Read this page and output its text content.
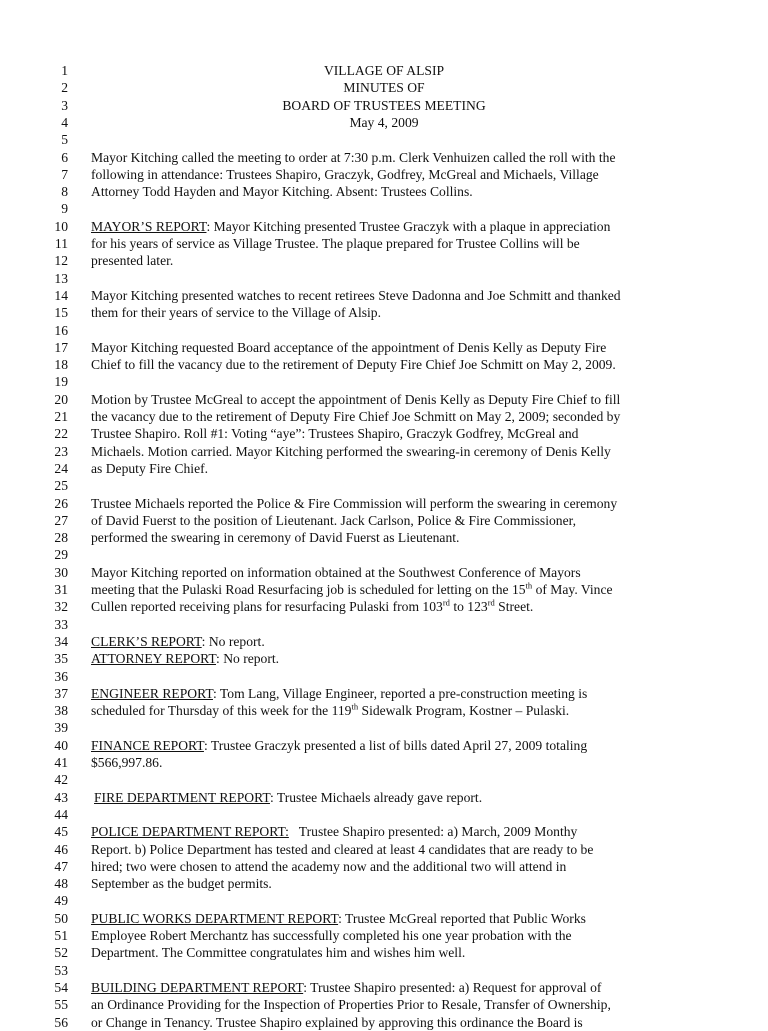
1
2
3
4
5
6
7
8
9
10
11
12
13
14
15
16
17
18
19
20
21
22
23
24
25
26
27
28
29
30
31
32
33
34
35
36
37
38
39
40
41
42
43
44
45
46
47
48
49
50
51
52
53
54
55
56
VILLAGE OF ALSIP
MINUTES OF
BOARD OF TRUSTEES MEETING
May 4, 2009
Mayor Kitching called the meeting to order at 7:30 p.m. Clerk Venhuizen called the roll with the
following in attendance: Trustees Shapiro, Graczyk, Godfrey, McGreal and Michaels, Village
Attorney Todd Hayden and Mayor Kitching. Absent: Trustees Collins.
MAYOR’S REPORT: Mayor Kitching presented Trustee Graczyk with a plaque in appreciation
for his years of service as Village Trustee. The plaque prepared for Trustee Collins will be
presented later.
Mayor Kitching presented watches to recent retirees Steve Dadonna and Joe Schmitt and thanked
them for their years of service to the Village of Alsip.
Mayor Kitching requested Board acceptance of the appointment of Denis Kelly as Deputy Fire
Chief to fill the vacancy due to the retirement of Deputy Fire Chief Joe Schmitt on May 2, 2009.
Motion by Trustee McGreal to accept the appointment of Denis Kelly as Deputy Fire Chief to fill
the vacancy due to the retirement of Deputy Fire Chief Joe Schmitt on May 2, 2009; seconded by
Trustee Shapiro. Roll #1: Voting “aye”: Trustees Shapiro, Graczyk Godfrey, McGreal and
Michaels. Motion carried. Mayor Kitching performed the swearing-in ceremony of Denis Kelly
as Deputy Fire Chief.
Trustee Michaels reported the Police & Fire Commission will perform the swearing in ceremony
of David Fuerst to the position of Lieutenant. Jack Carlson, Police & Fire Commissioner,
performed the swearing in ceremony of David Fuerst as Lieutenant.
Mayor Kitching reported on information obtained at the Southwest Conference of Mayors
meeting that the Pulaski Road Resurfacing job is scheduled for letting on the 15th of May. Vince
Cullen reported receiving plans for resurfacing Pulaski from 103rd to 123rd Street.
CLERK’S REPORT: No report.
ATTORNEY REPORT: No report.
ENGINEER REPORT: Tom Lang, Village Engineer, reported a pre-construction meeting is
scheduled for Thursday of this week for the 119th Sidewalk Program, Kostner – Pulaski.
FINANCE REPORT: Trustee Graczyk presented a list of bills dated April 27, 2009 totaling
$566,997.86.
FIRE DEPARTMENT REPORT: Trustee Michaels already gave report.
POLICE DEPARTMENT REPORT:   Trustee Shapiro presented: a) March, 2009 Monthy
Report. b) Police Department has tested and cleared at least 4 candidates that are ready to be
hired; two were chosen to attend the academy now and the additional two will attend in
September as the budget permits.
PUBLIC WORKS DEPARTMENT REPORT: Trustee McGreal reported that Public Works
Employee Robert Merchantz has successfully completed his one year probation with the
Department. The Committee congratulates him and wishes him well.
BUILDING DEPARTMENT REPORT: Trustee Shapiro presented: a) Request for approval of
an Ordinance Providing for the Inspection of Properties Prior to Resale, Transfer of Ownership,
or Change in Tenancy. Trustee Shapiro explained by approving this ordinance the Board is
